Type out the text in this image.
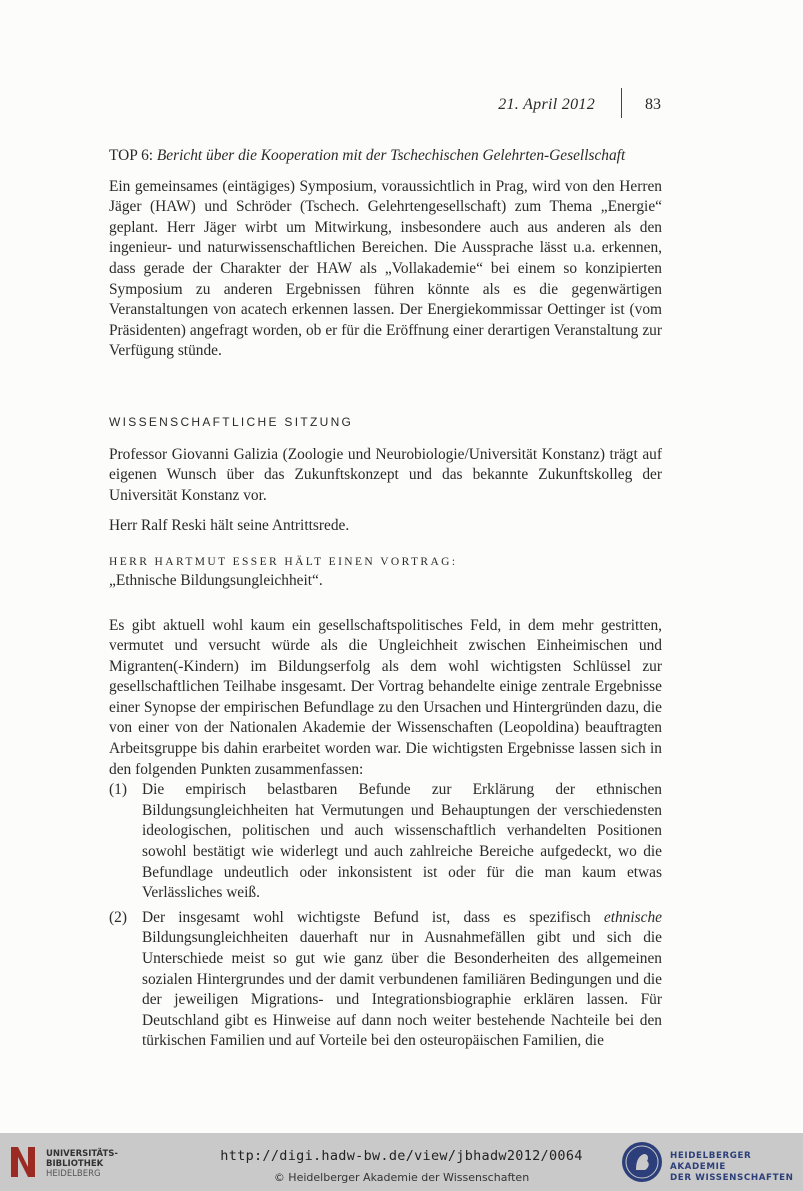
21. April 2012	83

TOP 6: Bericht über die Kooperation mit der Tschechischen Gelehrten-Gesellschaft

Ein gemeinsames (eintägiges) Symposium, voraussichtlich in Prag, wird von den Herren Jäger (HAW) und Schröder (Tschech. Gelehrtengesellschaft) zum Thema „Energie“ geplant. Herr Jäger wirbt um Mitwirkung, insbesondere auch aus anderen als den ingenieur- und naturwissenschaftlichen Bereichen. Die Aussprache lässt u.a. erkennen, dass gerade der Charakter der HAW als „Vollakademie“ bei einem so konzipierten Symposium zu anderen Ergebnissen führen könnte als es die gegenwärtigen Veranstaltungen von acatech erkennen lassen. Der Energiekommissar Oettinger ist (vom Präsidenten) angefragt worden, ob er für die Eröffnung einer derartigen Veranstaltung zur Verfügung stünde.

WISSENSCHAFTLICHE SITZUNG

Professor Giovanni Galizia (Zoologie und Neurobiologie/Universität Konstanz) trägt auf eigenen Wunsch über das Zukunftskonzept und das bekannte Zukunftskolleg der Universität Konstanz vor.

Herr Ralf Reski hält seine Antrittsrede.

HERR HARTMUT ESSER HÄLT EINEN VORTRAG:

„Ethnische Bildungsungleichheit“.

Es gibt aktuell wohl kaum ein gesellschaftspolitisches Feld, in dem mehr gestritten, vermutet und versucht würde als die Ungleichheit zwischen Einheimischen und Migranten(-Kindern) im Bildungserfolg als dem wohl wichtigsten Schlüssel zur gesellschaftlichen Teilhabe insgesamt. Der Vortrag behandelte einige zentrale Ergebnisse einer Synopse der empirischen Befundlage zu den Ursachen und Hintergründen dazu, die von einer von der Nationalen Akademie der Wissenschaften (Leopoldina) beauftragten Arbeitsgruppe bis dahin erarbeitet worden war. Die wichtigsten Ergebnisse lassen sich in den folgenden Punkten zusammenfassen:

(1) Die empirisch belastbaren Befunde zur Erklärung der ethnischen Bildungsungleichheiten hat Vermutungen und Behauptungen der verschiedensten ideologischen, politischen und auch wissenschaftlich verhandelten Positionen sowohl bestätigt wie widerlegt und auch zahlreiche Bereiche aufgedeckt, wo die Befundlage undeutlich oder inkonsistent ist oder für die man kaum etwas Verlässliches weiß.
(2) Der insgesamt wohl wichtigste Befund ist, dass es spezifisch ethnische Bildungsungleichheiten dauerhaft nur in Ausnahmefällen gibt und sich die Unterschiede meist so gut wie ganz über die Besonderheiten des allgemeinen sozialen Hintergrundes und der damit verbundenen familiären Bedingungen und die der jeweiligen Migrations- und Integrationsbiographie erklären lassen. Für Deutschland gibt es Hinweise auf dann noch weiter bestehende Nachteile bei den türkischen Familien und auf Vorteile bei den osteuropäischen Familien, die
UNIVERSITÄTS-
BIBLIOTHEK
HEIDELBERG
http://digi.hadw-bw.de/view/jbhadw2012/0064
© Heidelberger Akademie der Wissenschaften
HEIDELBERGER AKADEMIE
DER WISSENSCHAFTEN
